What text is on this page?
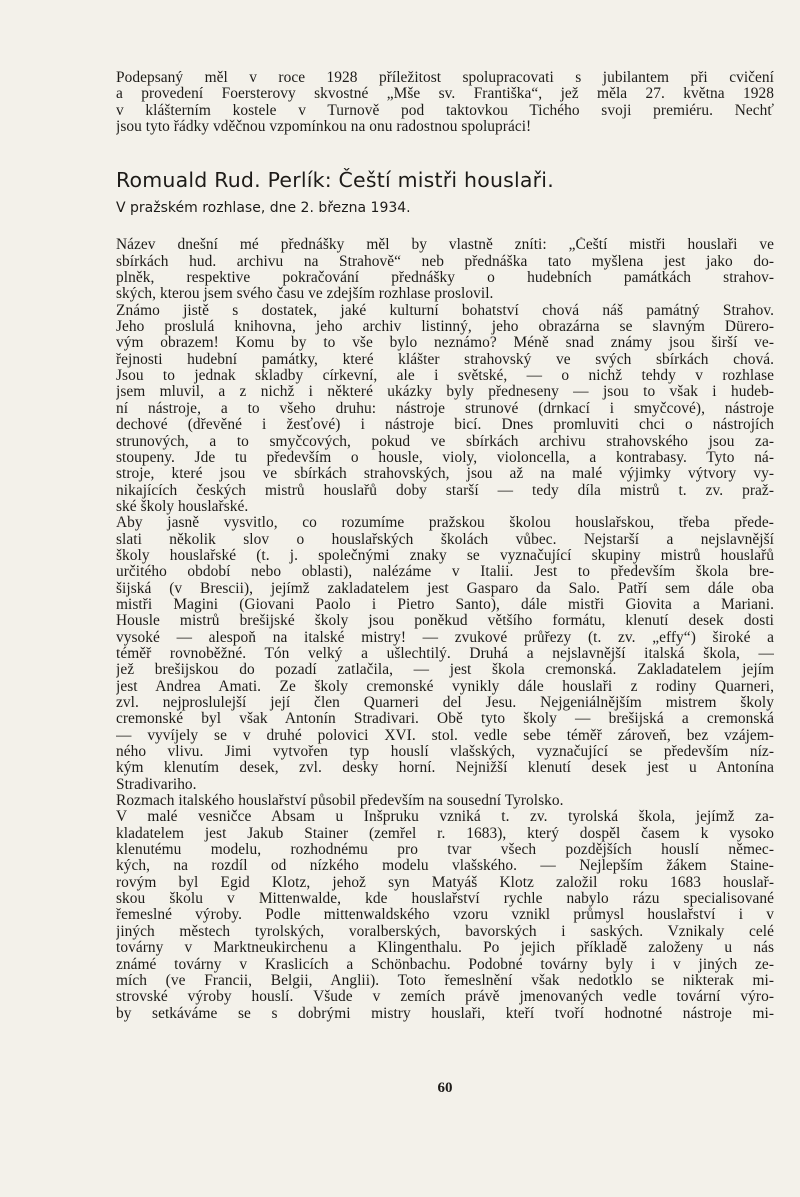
Podepsaný měl v roce 1928 příležitost spolupracovati s jubilantem při cvičení
a provedení Foersterovy skvostné „Mše sv. Františka“, jež měla 27. května 1928
v klášterním kostele v Turnově pod taktovkou Tichého svoji premiéru. Nechť
jsou tyto řádky vděčnou vzpomínkou na onu radostnou spolupráci!
Romuald Rud. Perlík: Čeští mistři houslaři.
V pražském rozhlase, dne 2. března 1934.
Název dnešní mé přednášky měl by vlastně zníti: „Čeští mistři houslaři ve
sbírkách hud. archivu na Strahově“ neb přednáška tato myšlena jest jako do-
plněk, respektive pokračování přednášky o hudebních památkách strahov-
ských, kterou jsem svého času ve zdejším rozhlase proslovil.
Známo jistě s dostatek, jaké kulturní bohatství chová náš památný Strahov.
Jeho proslulá knihovna, jeho archiv listinný, jeho obrazárna se slavným Dürero-
vým obrazem! Komu by to vše bylo neznámo? Méně snad známy jsou širší ve-
řejnosti hudební památky, které klášter strahovský ve svých sbírkách chová.
Jsou to jednak skladby církevní, ale i světské, — o nichž tehdy v rozhlase
jsem mluvil, a z nichž i některé ukázky byly předneseny — jsou to však i hudeb-
ní nástroje, a to všeho druhu: nástroje strunové (drnkací i smyčcové), nástroje
dechové (dřevěné i žesťové) i nástroje bicí. Dnes promluviti chci o nástrojích
strunových, a to smyčcových, pokud ve sbírkách archivu strahovského jsou za-
stoupeny. Jde tu především o housle, violy, violoncella, a kontrabasy. Tyto ná-
stroje, které jsou ve sbírkách strahovských, jsou až na malé výjimky výtvory vy-
nikajících českých mistrů houslařů doby starší — tedy díla mistrů t. zv. praž-
ské školy houslařské.
Aby jasně vysvitlo, co rozumíme pražskou školou houslařskou, třeba přede-
slati několik slov o houslařských školách vůbec. Nejstarší a nejslavnější
školy houslařské (t. j. společnými znaky se vyznačující skupiny mistrů houslařů
určitého období nebo oblasti), nalézáme v Italii. Jest to především škola bre-
šijská (v Brescii), jejímž zakladatelem jest Gasparo da Salo. Patří sem dále oba
mistři Magini (Giovani Paolo i Pietro Santo), dále mistři Giovita a Mariani.
Housle mistrů brešijské školy jsou poněkud většího formátu, klenutí desek dosti
vysoké — alespoň na italské mistry! — zvukové průřezy (t. zv. „effy“) široké a
téměř rovnoběžné. Tón velký a ušlechtilý. Druhá a nejslavnější italská škola, —
jež brešijskou do pozadí zatlačila, — jest škola cremonská. Zakladatelem jejím
jest Andrea Amati. Ze školy cremonské vynikly dále houslaři z rodiny Quarneri,
zvl. nejproslulejší její člen Quarneri del Jesu. Nejgeniálnějším mistrem školy
cremonské byl však Antonín Stradivari. Obě tyto školy — brešijská a cremonská
— vyvíjely se v druhé polovici XVI. stol. vedle sebe téměř zároveň, bez vzájem-
ného vlivu. Jimi vytvořen typ houslí vlašských, vyznačující se především níz-
kým klenutím desek, zvl. desky horní. Nejnižší klenutí desek jest u Antonína
Stradivariho.
Rozmach italského houslařství působil především na sousední Tyrolsko.
V malé vesničce Absam u Inšpruku vzniká t. zv. tyrolská škola, jejímž za-
kladatelem jest Jakub Stainer (zemřel r. 1683), který dospěl časem k vysoko
klenutému modelu, rozhodnému pro tvar všech pozdějších houslí němec-
kých, na rozdíl od nízkého modelu vlašského. — Nejlepším žákem Staine-
rovým byl Egid Klotz, jehož syn Matyáš Klotz založil roku 1683 houslař-
skou školu v Mittenwalde, kde houslařství rychle nabylo rázu specialisované
řemeslné výroby. Podle mittenwaldského vzoru vznikl průmysl houslařství i v
jiných městech tyrolských, voralberských, bavorských i saských. Vznikaly celé
továrny v Marktneukirchenu a Klingenthalu. Po jejich příkladě založeny u nás
známé továrny v Kraslicích a Schönbachu. Podobné továrny byly i v jiných ze-
mích (ve Francii, Belgii, Anglii). Toto řemeslnění však nedotklo se nikterak mi-
strovské výroby houslí. Všude v zemích právě jmenovaných vedle tovární výro-
by setkáváme se s dobrými mistry houslaři, kteří tvoří hodnotné nástroje mi-
60
